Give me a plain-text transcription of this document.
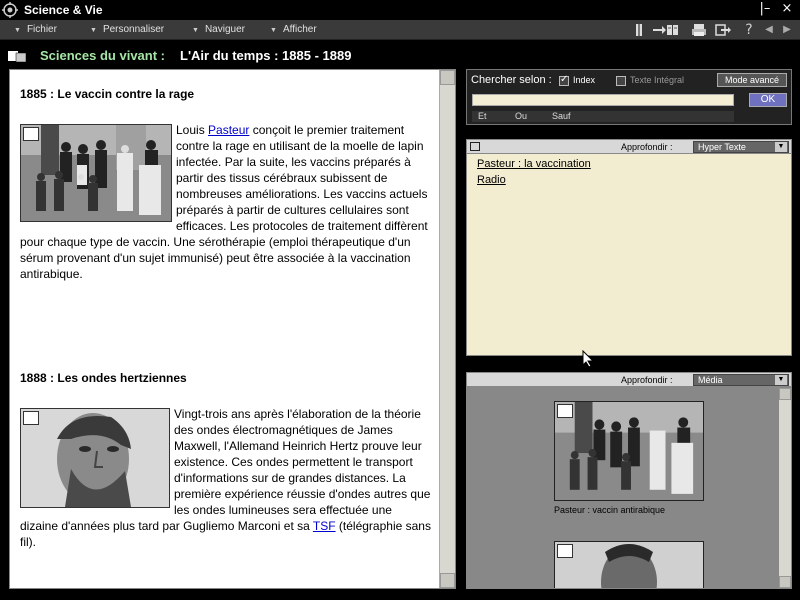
Science & Vie	|– ×
▼ Fichier	▼ Personnaliser	▼ Naviguer	▼ Afficher	?	◀	▶
Sciences du vivant : L'Air du temps : 1885 - 1889
1885 : Le vaccin contre la rage
Louis Pasteur conçoit le premier traitement contre la rage en utilisant de la moelle de lapin infectée. Par la suite, les vaccins préparés à partir des tissus cérébraux subissent de nombreuses améliorations. Les vaccins actuels préparés à partir de cultures cellulaires sont efficaces. Les protocoles de traitement diffèrent pour chaque type de vaccin. Une sérothérapie (emploi thérapeutique d'un sérum provenant d'un sujet immunisé) peut être associée à la vaccination antirabique.
1888 : Les ondes hertziennes
Vingt-trois ans après l'élaboration de la théorie des ondes électromagnétiques de James Maxwell, l'Allemand Heinrich Hertz prouve leur existence. Ces ondes permettent le transport d'informations sur de grandes distances. La première expérience réussie d'ondes autres que les ondes lumineuses sera effectuée une dizaine d'années plus tard par Gugliemo Marconi et sa TSF (télégraphie sans fil).
Chercher selon : ✓ Index	Texte Intégral	Mode avancé
OK
Et	Ou	Sauf
Approfondir :	Hyper Texte	▼
Pasteur : la vaccination
Radio
Approfondir :	Média	▼
Pasteur : vaccin antirabique
